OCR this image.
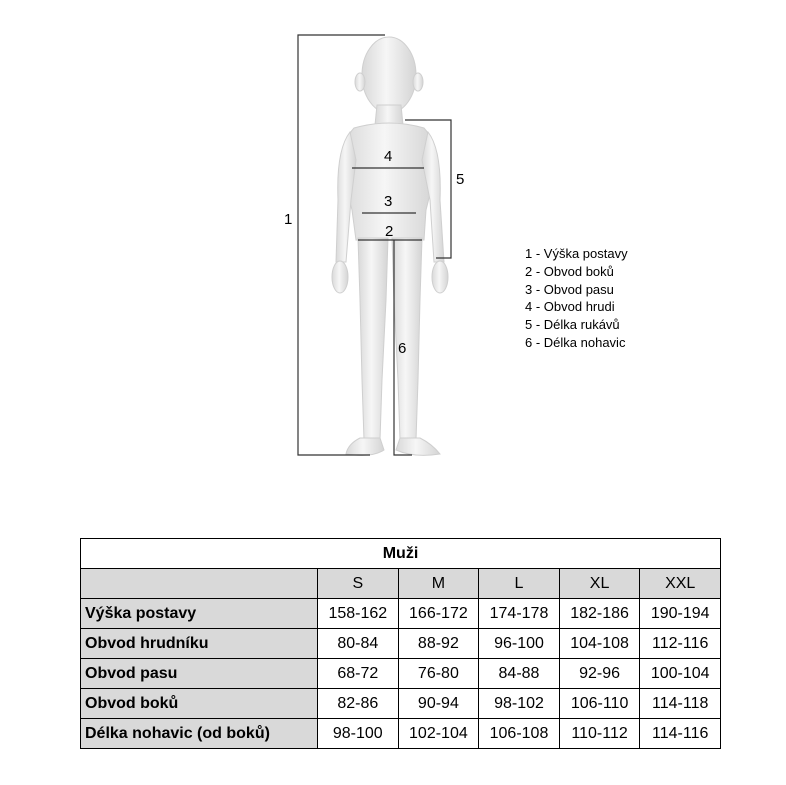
1
2
3
4
5
6
1 - Výška postavy
2 - Obvod boků
3 - Obvod pasu
4 - Obvod hrudi
5 - Délka rukávů
6 - Délka nohavic
Muži					
	S	M	L	XL	XXL
Výška postavy	158-162	166-172	174-178	182-186	190-194
Obvod hrudníku	80-84	88-92	96-100	104-108	112-116
Obvod pasu	68-72	76-80	84-88	92-96	100-104
Obvod boků	82-86	90-94	98-102	106-110	114-118
Délka nohavic (od boků)	98-100	102-104	106-108	110-112	114-116
